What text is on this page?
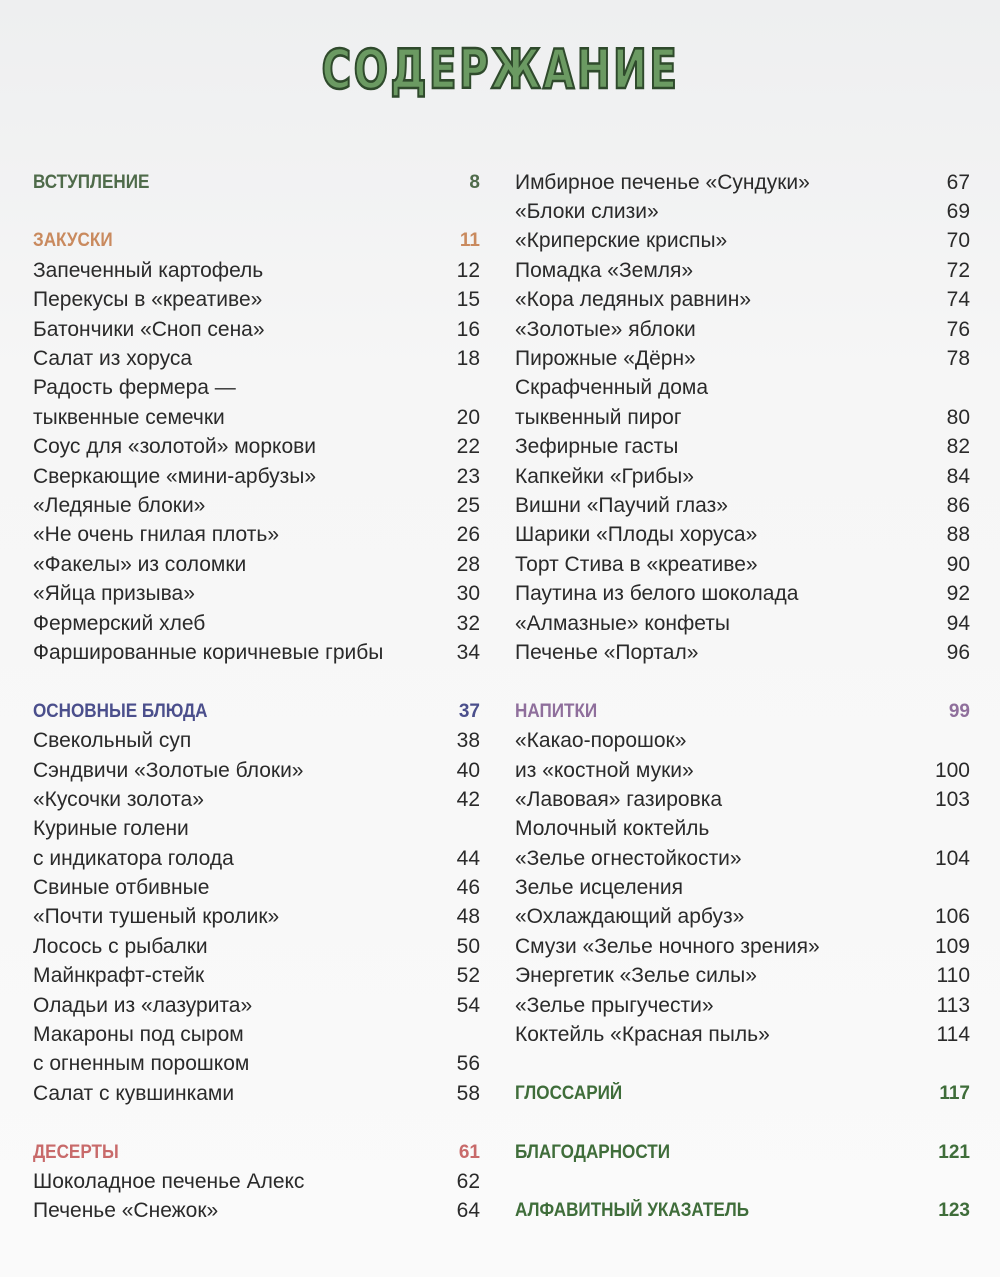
СОДЕРЖАНИЕ
ВСТУПЛЕНИЕ	8
ЗАКУСКИ	11
Запеченный картофель	12
Перекусы в «креативе»	15
Батончики «Сноп сена»	16
Салат из хоруса	18
Радость фермера —
тыквенные семечки	20
Соус для «золотой» моркови	22
Сверкающие «мини-арбузы»	23
«Ледяные блоки»	25
«Не очень гнилая плоть»	26
«Факелы» из соломки	28
«Яйца призыва»	30
Фермерский хлеб	32
Фаршированные коричневые грибы	34
ОСНОВНЫЕ БЛЮДА	37
Свекольный суп	38
Сэндвичи «Золотые блоки»	40
«Кусочки золота»	42
Куриные голени
с индикатора голода	44
Свиные отбивные	46
«Почти тушеный кролик»	48
Лосось с рыбалки	50
Майнкрафт-стейк	52
Оладьи из «лазурита»	54
Макароны под сыром
с огненным порошком	56
Салат с кувшинками	58
ДЕСЕРТЫ	61
Шоколадное печенье Алекс	62
Печенье «Снежок»	64
Имбирное печенье «Сундуки»	67
«Блоки слизи»	69
«Криперские криспы»	70
Помадка «Земля»	72
«Кора ледяных равнин»	74
«Золотые» яблоки	76
Пирожные «Дёрн»	78
Скрафченный дома
тыквенный пирог	80
Зефирные гасты	82
Капкейки «Грибы»	84
Вишни «Паучий глаз»	86
Шарики «Плоды хоруса»	88
Торт Стива в «креативе»	90
Паутина из белого шоколада	92
«Алмазные» конфеты	94
Печенье «Портал»	96
НАПИТКИ	99
«Какао-порошок»
из «костной муки»	100
«Лавовая» газировка	103
Молочный коктейль
«Зелье огнестойкости»	104
Зелье исцеления
«Охлаждающий арбуз»	106
Смузи «Зелье ночного зрения»	109
Энергетик «Зелье силы»	110
«Зелье прыгучести»	113
Коктейль «Красная пыль»	114
ГЛОССАРИЙ	117
БЛАГОДАРНОСТИ	121
АЛФАВИТНЫЙ УКАЗАТЕЛЬ	123
